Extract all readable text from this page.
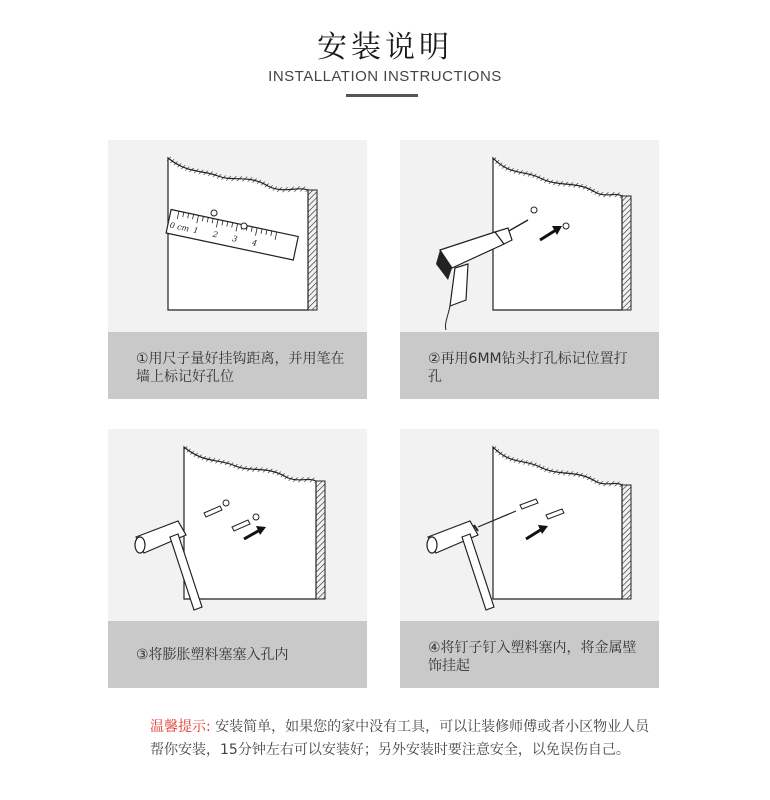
安装说明
INSTALLATION INSTRUCTIONS
0 cm 1 2 3 4
①用尺子量好挂钩距离，并用笔在墙上标记好孔位
②再用6MM钻头打孔标记位置打孔
③将膨胀塑料塞塞入孔内	④将钉子钉入塑料塞内，将金属壁饰挂起
温馨提示: 安装简单，如果您的家中没有工具，可以让装修师傅或者小区物业人员帮你安装，15分钟左右可以安装好；另外安装时要注意安全，以免误伤自己。
